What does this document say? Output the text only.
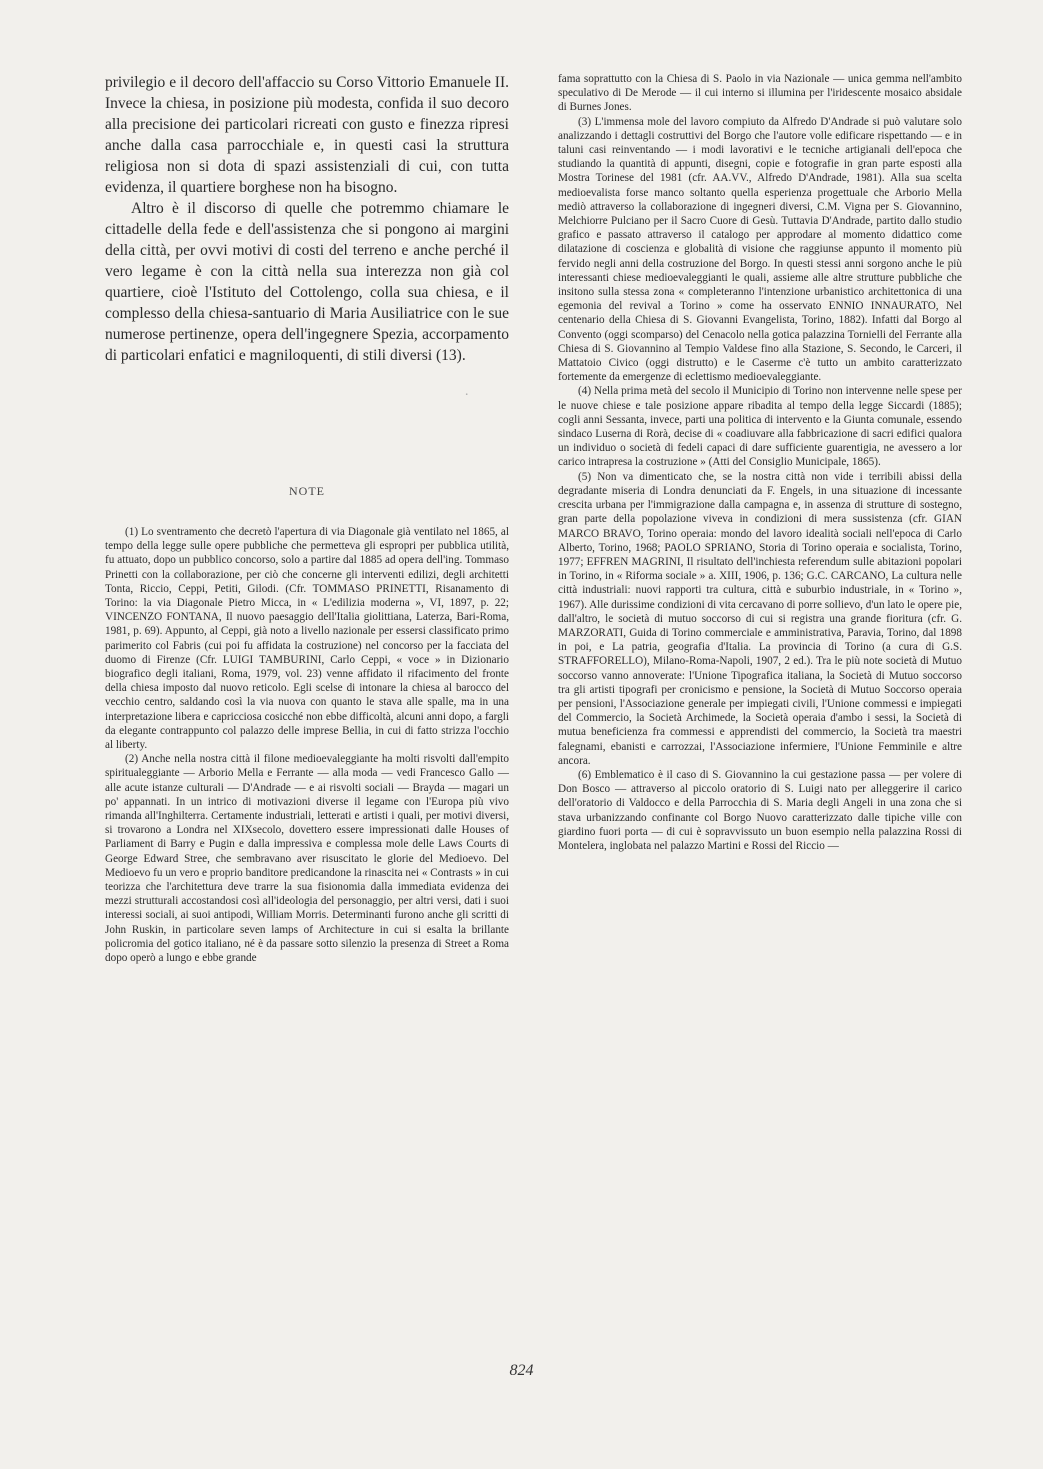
privilegio e il decoro dell'affaccio su Corso Vittorio Emanuele II. Invece la chiesa, in posizione più modesta, confida il suo decoro alla precisione dei particolari ricreati con gusto e finezza ripresi anche dalla casa parrocchiale e, in questi casi la struttura religiosa non si dota di spazi assistenziali di cui, con tutta evidenza, il quartiere borghese non ha bisogno.

Altro è il discorso di quelle che potremmo chiamare le cittadelle della fede e dell'assistenza che si pongono ai margini della città, per ovvi motivi di costi del terreno e anche perché il vero legame è con la città nella sua interezza non già col quartiere, cioè l'Istituto del Cottolengo, colla sua chiesa, e il complesso della chiesa-santuario di Maria Ausiliatrice con le sue numerose pertinenze, opera dell'ingegnere Spezia, accorpamento di particolari enfatici e magniloquenti, di stili diversi (13).

·
NOTE

(1) Lo sventramento che decretò l'apertura di via Diagonale già ventilato nel 1865, al tempo della legge sulle opere pubbliche che permetteva gli espropri per pubblica utilità, fu attuato, dopo un pubblico concorso, solo a partire dal 1885 ad opera dell'ing. Tommaso Prinetti con la collaborazione, per ciò che concerne gli interventi edilizi, degli architetti Tonta, Riccio, Ceppi, Petiti, Gilodi. (Cfr. TOMMASO PRINETTI, Risanamento di Torino: la via Diagonale Pietro Micca, in « L'edilizia moderna », VI, 1897, p. 22; VINCENZO FONTANA, Il nuovo paesaggio dell'Italia giolittiana, Laterza, Bari-Roma, 1981, p. 69). Appunto, al Ceppi, già noto a livello nazionale per essersi classificato primo parimerito col Fabris (cui poi fu affidata la costruzione) nel concorso per la facciata del duomo di Firenze (Cfr. LUIGI TAMBURINI, Carlo Ceppi, « voce » in Dizionario biografico degli italiani, Roma, 1979, vol. 23) venne affidato il rifacimento del fronte della chiesa imposto dal nuovo reticolo. Egli scelse di intonare la chiesa al barocco del vecchio centro, saldando così la via nuova con quanto le stava alle spalle, ma in una interpretazione libera e capricciosa cosicché non ebbe difficoltà, alcuni anni dopo, a fargli da elegante contrappunto col palazzo delle imprese Bellia, in cui di fatto strizza l'occhio al liberty.

(2) Anche nella nostra città il filone medioevaleggiante ha molti risvolti dall'empito spiritualeggiante — Arborio Mella e Ferrante — alla moda — vedi Francesco Gallo — alle acute istanze culturali — D'Andrade — e ai risvolti sociali — Brayda — magari un po' appannati. In un intrico di motivazioni diverse il legame con l'Europa più vivo rimanda all'Inghilterra. Certamente industriali, letterati e artisti i quali, per motivi diversi, si trovarono a Londra nel XIXsecolo, dovettero essere impressionati dalle Houses of Parliament di Barry e Pugin e dalla impressiva e complessa mole delle Laws Courts di George Edward Stree, che sembravano aver risuscitato le glorie del Medioevo. Del Medioevo fu un vero e proprio banditore predicandone la rinascita nei « Contrasts » in cui teorizza che l'architettura deve trarre la sua fisionomia dalla immediata evidenza dei mezzi strutturali accostandosi così all'ideologia del personaggio, per altri versi, dati i suoi interessi sociali, ai suoi antipodi, William Morris. Determinanti furono anche gli scritti di John Ruskin, in particolare seven lamps of Architecture in cui si esalta la brillante policromia del gotico italiano, né è da passare sotto silenzio la presenza di Street a Roma dopo operò a lungo e ebbe grande

fama soprattutto con la Chiesa di S. Paolo in via Nazionale — unica gemma nell'ambito speculativo di De Merode — il cui interno si illumina per l'iridescente mosaico absidale di Burnes Jones.

(3) L'immensa mole del lavoro compiuto da Alfredo D'Andrade si può valutare solo analizzando i dettagli costruttivi del Borgo che l'autore volle edificare rispettando — e in taluni casi reinventando — i modi lavorativi e le tecniche artigianali dell'epoca che studiando la quantità di appunti, disegni, copie e fotografie in gran parte esposti alla Mostra Torinese del 1981 (cfr. AA.VV., Alfredo D'Andrade, 1981). Alla sua scelta medioevalista forse manco soltanto quella esperienza progettuale che Arborio Mella mediò attraverso la collaborazione di ingegneri diversi, C.M. Vigna per S. Giovannino, Melchiorre Pulciano per il Sacro Cuore di Gesù. Tuttavia D'Andrade, partito dallo studio grafico e passato attraverso il catalogo per approdare al momento didattico come dilatazione di coscienza e globalità di visione che raggiunse appunto il momento più fervido negli anni della costruzione del Borgo. In questi stessi anni sorgono anche le più interessanti chiese medioevaleggianti le quali, assieme alle altre strutture pubbliche che insitono sulla stessa zona « completeranno l'intenzione urbanistico architettonica di una egemonia del revival a Torino » come ha osservato ENNIO INNAURATO, Nel centenario della Chiesa di S. Giovanni Evangelista, Torino, 1882). Infatti dal Borgo al Convento (oggi scomparso) del Cenacolo nella gotica palazzina Tornielli del Ferrante alla Chiesa di S. Giovannino al Tempio Valdese fino alla Stazione, S. Secondo, le Carceri, il Mattatoio Civico (oggi distrutto) e le Caserme c'è tutto un ambito caratterizzato fortemente da emergenze di eclettismo medioevaleggiante.

(4) Nella prima metà del secolo il Municipio di Torino non intervenne nelle spese per le nuove chiese e tale posizione appare ribadita al tempo della legge Siccardi (1885); cogli anni Sessanta, invece, parti una politica di intervento e la Giunta comunale, essendo sindaco Luserna di Rorà, decise di « coadiuvare alla fabbricazione di sacri edifici qualora un individuo o società di fedeli capaci di dare sufficiente guarentigia, ne avessero a lor carico intrapresa la costruzione » (Atti del Consiglio Municipale, 1865).

(5) Non va dimenticato che, se la nostra città non vide i terribili abissi della degradante miseria di Londra denunciati da F. Engels, in una situazione di incessante crescita urbana per l'immigrazione dalla campagna e, in assenza di strutture di sostegno, gran parte della popolazione viveva in condizioni di mera sussistenza (cfr. GIAN MARCO BRAVO, Torino operaia: mondo del lavoro idealità sociali nell'epoca di Carlo Alberto, Torino, 1968; PAOLO SPRIANO, Storia di Torino operaia e socialista, Torino, 1977; EFFREN MAGRINI, Il risultato dell'inchiesta referendum sulle abitazioni popolari in Torino, in « Riforma sociale » a. XIII, 1906, p. 136; G.C. CARCANO, La cultura nelle città industriali: nuovi rapporti tra cultura, città e suburbio industriale, in « Torino », 1967). Alle durissime condizioni di vita cercavano di porre sollievo, d'un lato le opere pie, dall'altro, le società di mutuo soccorso di cui si registra una grande fioritura (cfr. G. MARZORATI, Guida di Torino commerciale e amministrativa, Paravia, Torino, dal 1898 in poi, e La patria, geografia d'Italia. La provincia di Torino (a cura di G.S. STRAFFORELLO), Milano-Roma-Napoli, 1907, 2 ed.). Tra le più note società di Mutuo soccorso vanno annoverate: l'Unione Tipografica italiana, la Società di Mutuo soccorso tra gli artisti tipografi per cronicismo e pensione, la Società di Mutuo Soccorso operaia per pensioni, l'Associazione generale per impiegati civili, l'Unione commessi e impiegati del Commercio, la Società Archimede, la Società operaia d'ambo i sessi, la Società di mutua beneficienza fra commessi e apprendisti del commercio, la Società tra maestri falegnami, ebanisti e carrozzai, l'Associazione infermiere, l'Unione Femminile e altre ancora.

(6) Emblematico è il caso di S. Giovannino la cui gestazione passa — per volere di Don Bosco — attraverso al piccolo oratorio di S. Luigi nato per alleggerire il carico dell'oratorio di Valdocco e della Parrocchia di S. Maria degli Angeli in una zona che si stava urbanizzando confinante col Borgo Nuovo caratterizzato dalle tipiche ville con giardino fuori porta — di cui è sopravvissuto un buon esempio nella palazzina Rossi di Montelera, inglobata nel palazzo Martini e Rossi del Riccio —

824
